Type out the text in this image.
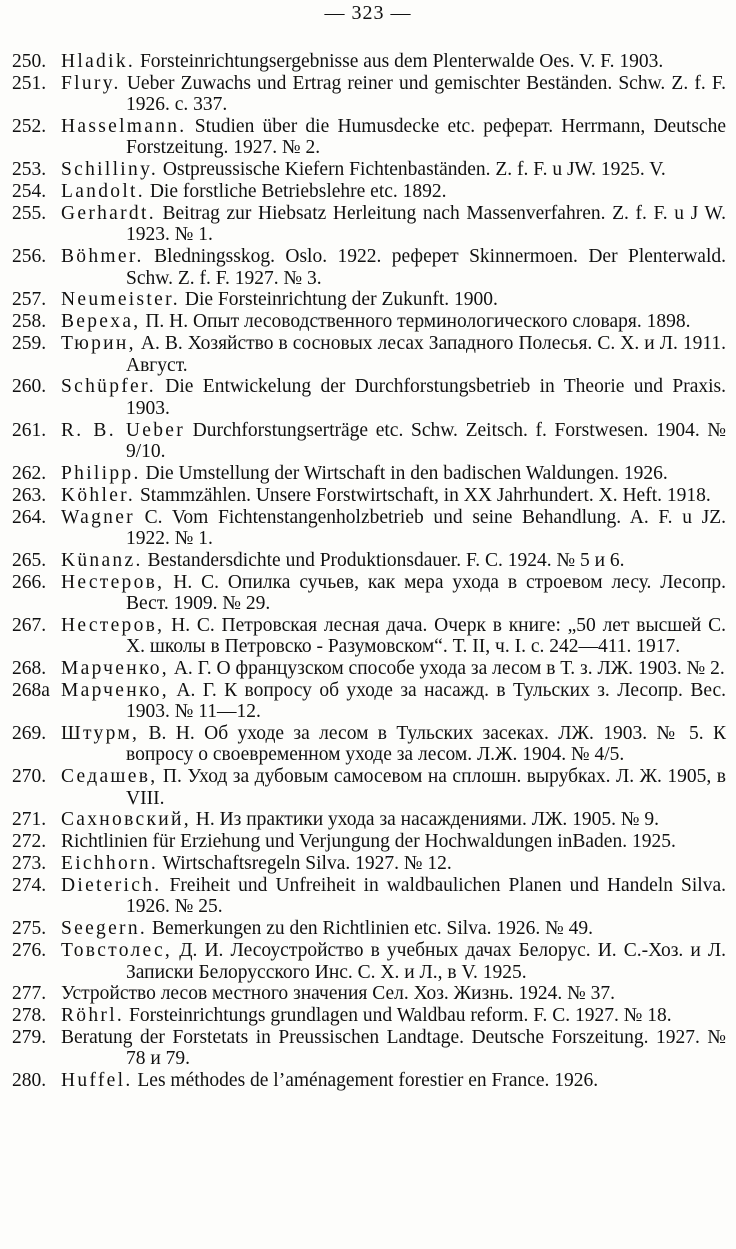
— 323 —
250. Hladik. Forsteinrichtungsergebnisse aus dem Plenterwalde Oes. V. F. 1903.
251. Flury. Ueber Zuwachs und Ertrag reiner und gemischter Beständen. Schw. Z. f. F. 1926. c. 337.
252. Hasselmann. Studien über die Humusdecke etc. реферат. Herrmann, Deutsche Forstzeitung. 1927. № 2.
253. Schilliny. Ostpreussische Kiefern Fichtenbaständen. Z. f. F. u JW. 1925. V.
254. Landolt. Die forstliche Betriebslehre etc. 1892.
255. Gerhardt. Beitrag zur Hiebsatz Herleitung nach Massenverfahren. Z. f. F. u J W. 1923. № 1.
256. Böhmer. Bledningsskog. Oslo. 1922. реферет Skinnermoen. Der Plenterwald. Schw. Z. f. F. 1927. № 3.
257. Neumeister. Die Forsteinrichtung der Zukunft. 1900.
258. Bepexa, П. Н. Опыт лесоводственного терминологического словаря. 1898.
259. Тюрин, А. В. Хозяйство в сосновых лесах Западного Полесья. С. Х. и Л. 1911. Август.
260. Schüpfer. Die Entwickelung der Durchforstungsbetrieb in Theorie und Praxis. 1903.
261. R. B. Ueber Durchforstungserträge etc. Schw. Zeitsch. f. Forstwesen. 1904. № 9/10.
262. Philipp. Die Umstellung der Wirtschaft in den badischen Waldungen. 1926.
263. Köhler. Stammzählen. Unsere Forstwirtschaft, in XX Jahrhundert. X. Heft. 1918.
264. Wagner C. Vom Fichtenstangenholzbetrieb und seine Behandlung. A. F. u JZ. 1922. № 1.
265. Künanz. Bestandersdichte und Produktionsdauer. F. C. 1924. № 5 и 6.
266. Нестеров, Н. С. Опилка сучьев, как мера ухода в строевом лесу. Лесопр. Вест. 1909. № 29.
267. Нестеров, Н. С. Петровская лесная дача. Очерк в книге: „50 лет высшей С. Х. школы в Петровско - Разумовском“. Т. II, ч. I. с. 242—411. 1917.
268. Марченко, А. Г. О французском способе ухода за лесом в Т. з. ЛЖ. 1903. № 2.
268а Марченко, А. Г. К вопросу об уходе за насажд. в Тульских з. Лесопр. Вес. 1903. № 11—12.
269. Штурм, В. Н. Об уходе за лесом в Тульских засеках. ЛЖ. 1903. № 5. К вопросу о своевременном уходе за лесом. Л.Ж. 1904. № 4/5.
270. Седашев, П. Уход за дубовым самосевом на сплошн. вырубках. Л. Ж. 1905, в VIII.
271. Сахновский, Н. Из практики ухода за насаждениями. ЛЖ. 1905. № 9.
272. Richtlinien für Erziehung und Verjungung der Hochwaldungen inBaden. 1925.
273. Eichhorn. Wirtschaftsregeln Silva. 1927. № 12.
274. Dieterich. Freiheit und Unfreiheit in waldbaulichen Planen und Handeln Silva. 1926. № 25.
275. Seegern. Bemerkungen zu den Richtlinien etc. Silva. 1926. № 49.
276. Товстолес, Д. И. Лесоустройство в учебных дачах Белорус. И. С.-Хоз. и Л. Записки Белорусского Инс. С. Х. и Л., в V. 1925.
277. Устройство лесов местного значения Сел. Хоз. Жизнь. 1924. № 37.
278. Röhrl. Forsteinrichtungs grundlagen und Waldbau reform. F. C. 1927. № 18.
279. Beratung der Forstetats in Preussischen Landtage. Deutsche Forszeitung. 1927. № 78 и 79.
280. Huffel. Les méthodes de l’aménagement forestier en France. 1926.
